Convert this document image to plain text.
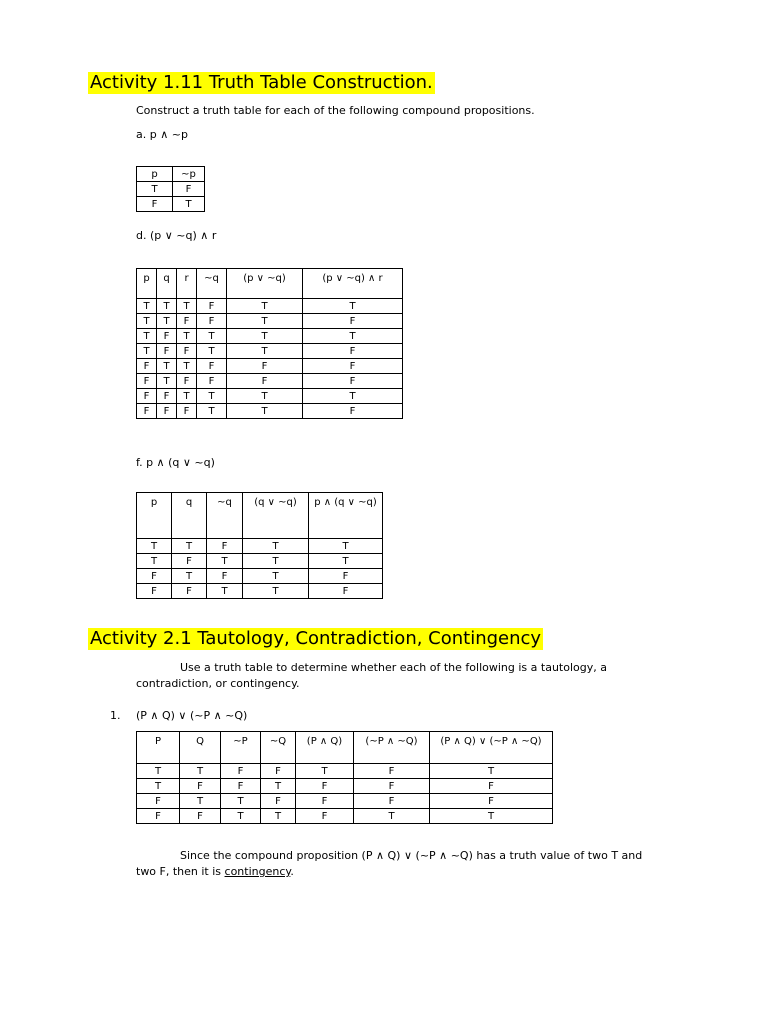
Activity 1.11 Truth Table Construction.
Construct a truth table for each of the following compound propositions.
a. p ∧ ~p
p	~p
T	F
F	T
d. (p ∨ ~q) ∧ r
p	q	r	~q	(p ∨ ~q)	(p ∨ ~q) ∧ r
T	T	T	F	T	T
T	T	F	F	T	F
T	F	T	T	T	T
T	F	F	T	T	F
F	T	T	F	F	F
F	T	F	F	F	F
F	F	T	T	T	T
F	F	F	T	T	F
f. p ∧ (q ∨ ~q)
p	q	~q	(q ∨ ~q)	p ∧ (q ∨ ~q)
T	T	F	T	T
T	F	T	T	T
F	T	F	T	F
F	F	T	T	F
Activity 2.1 Tautology, Contradiction, Contingency
Use a truth table to determine whether each of the following is a tautology, a contradiction, or contingency.
1. (P ∧ Q) ∨ (~P ∧ ~Q)
P	Q	~P	~Q	(P ∧ Q)	(~P ∧ ~Q)	(P ∧ Q) ∨ (~P ∧ ~Q)
T	T	F	F	T	F	T
T	F	F	T	F	F	F
F	T	T	F	F	F	F
F	F	T	T	F	T	T
Since the compound proposition (P ∧ Q) ∨ (~P ∧ ~Q) has a truth value of two T and two F, then it is contingency.
